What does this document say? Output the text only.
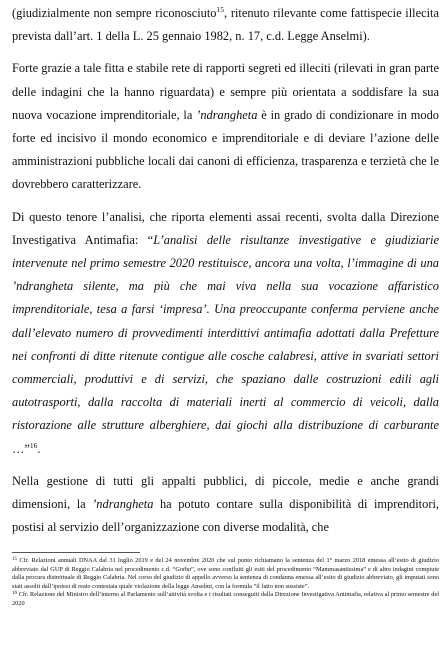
(giudizialmente non sempre riconosciuto$^{15}$, ritenuto rilevante come fattispecie illecita prevista dall’art. 1 della L. 25 gennaio 1982, n. 17, c.d. Legge Anselmi).

Forte grazie a tale fitta e stabile rete di rapporti segreti ed illeciti (rilevati in gran parte delle indagini che la hanno riguardata) e sempre più orientata a soddisfare la sua nuova vocazione imprenditoriale, la ’ndrangheta è in grado di condizionare in modo forte ed incisivo il mondo economico e imprenditoriale e di deviare l’azione delle amministrazioni pubbliche locali dai canoni di efficienza, trasparenza e terzietà che le dovrebbero caratterizzare.

Di questo tenore l’analisi, che riporta elementi assai recenti, svolta dalla Direzione Investigativa Antimafia: “L’analisi delle risultanze investigative e giudiziarie intervenute nel primo semestre 2020 restituisce, ancora una volta, l’immagine di una ’ndrangheta silente, ma più che mai viva nella sua vocazione affaristico imprenditoriale, tesa a farsi ‘impresa’. Una preoccupante conferma perviene anche dall’elevato numero di provvedimenti interdittivi antimafia adottati dalla Prefetture nei confronti di ditte ritenute contigue alle cosche calabresi, attive in svariati settori commerciali, produttivi e di servizi, che spaziano dalle costruzioni edili agli autotrasporti, dalla raccolta di materiali inerti al commercio di veicoli, dalla ristorazione alle strutture alberghiere, dai giochi alla distribuzione di carburante …”$^{16}$.

Nella gestione di tutti gli appalti pubblici, di piccole, medie e anche grandi dimensioni, la ’ndrangheta ha potuto contare sulla disponibilità di imprenditori, postisi al servizio dell’organizzazione con diverse modalità, che

$^{15}$ Cfr. Relazioni annuali DNAA dal 31 luglio 2019 e del 24 novembre 2020 che sul punto richiamano la sentenza del 1° marzo 2018 emessa all’esito di giudizio abbreviato dal GUP di Reggio Calabria nel procedimento c.d. “Gotha”, ove sono confluiti gli esiti del procedimento “Mammasantissima” e di altre indagini compiute dalla procura distrettuale di Reggio Calabria. Nel corso del giudizio di appello avverso la sentenza di condanna emessa all’esito di giudizio abbreviato, gli imputati sono stati assolti dall’ipotesi di reato contestata quale violazione della legge Anselmi, con la formula “il fatto non sussiste”.

$^{16}$ Cfr. Relazione del Ministro dell’interno al Parlamento sull’attività svolta e i risultati conseguiti dalla Direzione Investigativa Antimafia, relativa al primo semestre del 2020
